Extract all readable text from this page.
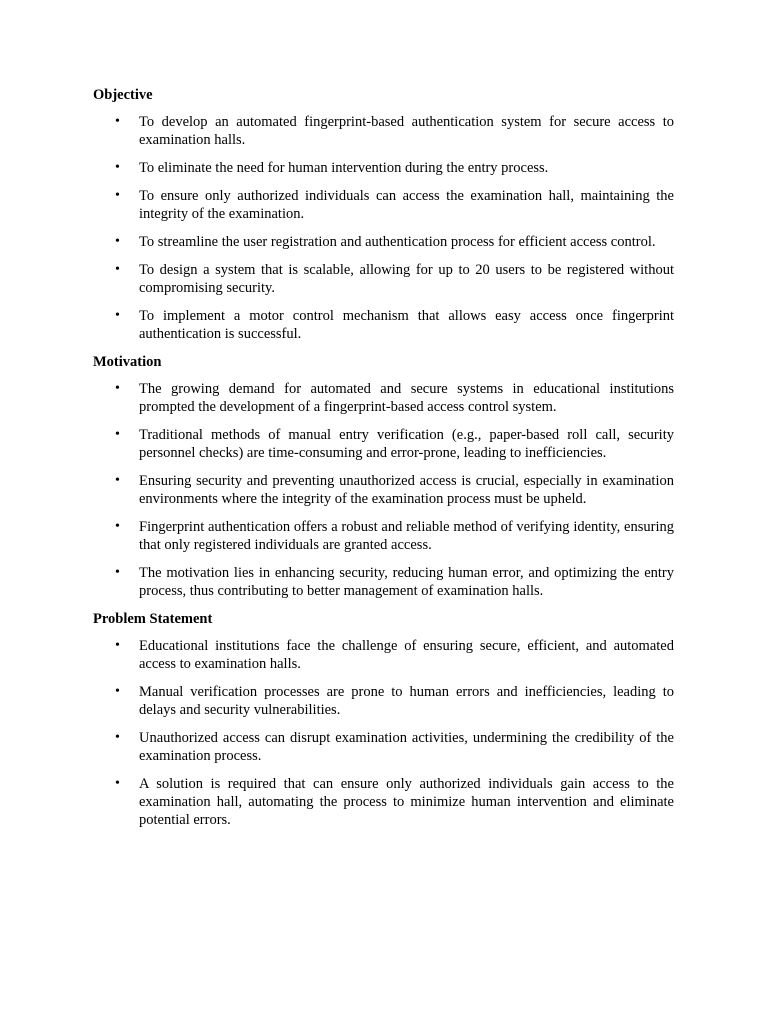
Objective
• To develop an automated fingerprint-based authentication system for secure access to examination halls.
• To eliminate the need for human intervention during the entry process.
• To ensure only authorized individuals can access the examination hall, maintaining the integrity of the examination.
• To streamline the user registration and authentication process for efficient access control.
• To design a system that is scalable, allowing for up to 20 users to be registered without compromising security.
• To implement a motor control mechanism that allows easy access once fingerprint authentication is successful.
Motivation
• The growing demand for automated and secure systems in educational institutions prompted the development of a fingerprint-based access control system.
• Traditional methods of manual entry verification (e.g., paper-based roll call, security personnel checks) are time-consuming and error-prone, leading to inefficiencies.
• Ensuring security and preventing unauthorized access is crucial, especially in examination environments where the integrity of the examination process must be upheld.
• Fingerprint authentication offers a robust and reliable method of verifying identity, ensuring that only registered individuals are granted access.
• The motivation lies in enhancing security, reducing human error, and optimizing the entry process, thus contributing to better management of examination halls.
Problem Statement
• Educational institutions face the challenge of ensuring secure, efficient, and automated access to examination halls.
• Manual verification processes are prone to human errors and inefficiencies, leading to delays and security vulnerabilities.
• Unauthorized access can disrupt examination activities, undermining the credibility of the examination process.
• A solution is required that can ensure only authorized individuals gain access to the examination hall, automating the process to minimize human intervention and eliminate potential errors.
